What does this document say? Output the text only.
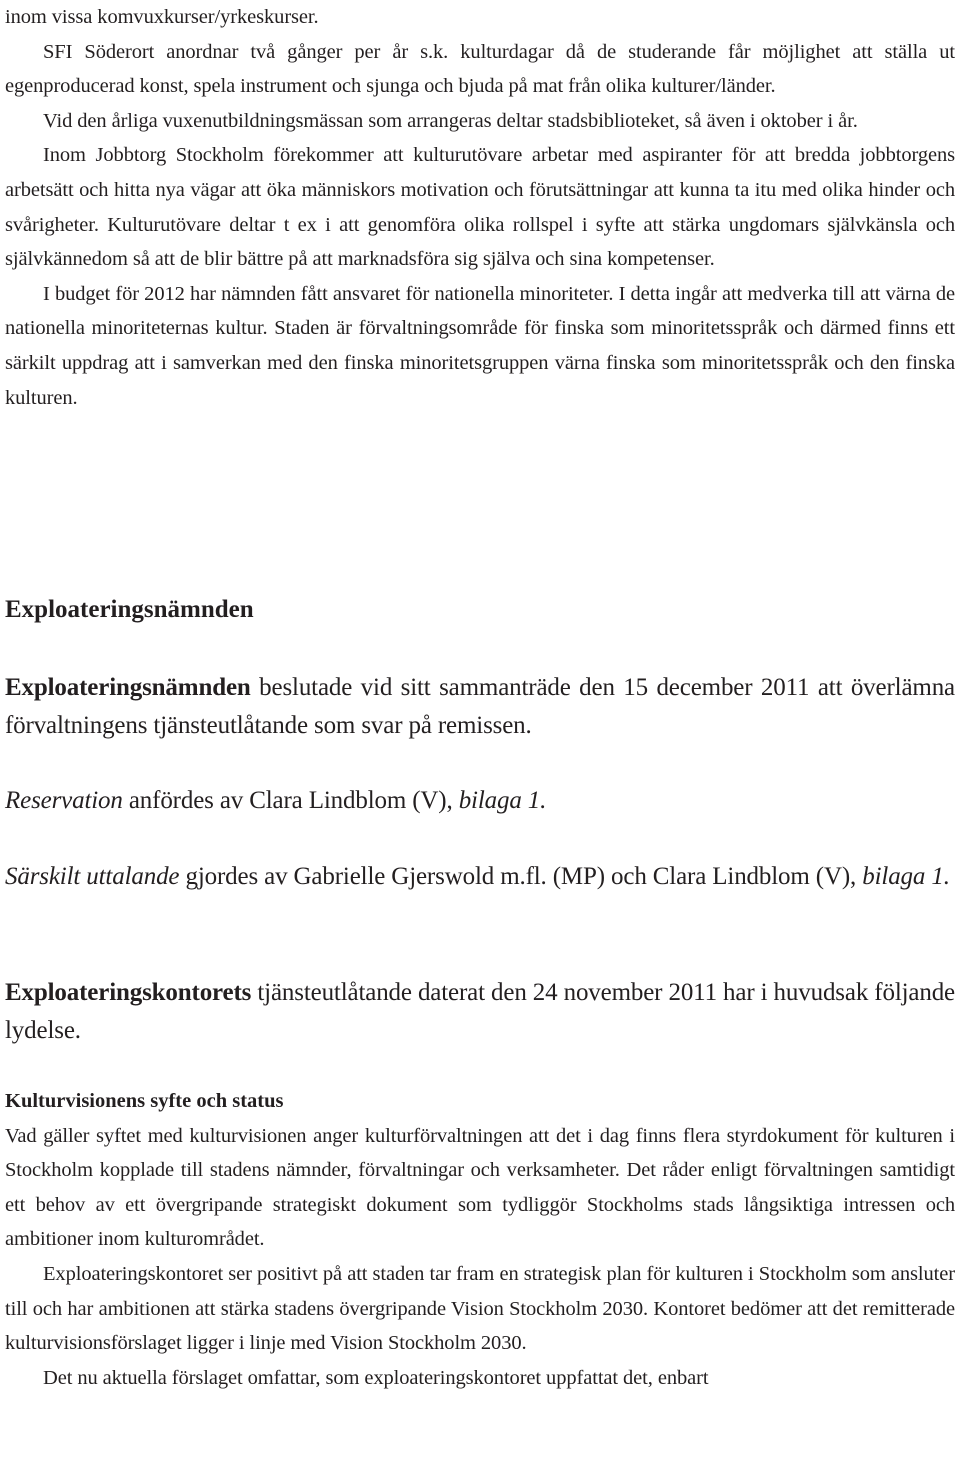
inom vissa komvuxkurser/yrkeskurser.

SFI Söderort anordnar två gånger per år s.k. kulturdagar då de studerande får möjlighet att ställa ut egenproducerad konst, spela instrument och sjunga och bjuda på mat från olika kulturer/länder.

Vid den årliga vuxenutbildningsmässan som arrangeras deltar stadsbiblioteket, så även i oktober i år.

Inom Jobbtorg Stockholm förekommer att kulturutövare arbetar med aspiranter för att bredda jobbtorgens arbetsätt och hitta nya vägar att öka människors motivation och förutsättningar att kunna ta itu med olika hinder och svårigheter. Kulturutövare deltar t ex i att genomföra olika rollspel i syfte att stärka ungdomars självkänsla och självkännedom så att de blir bättre på att marknadsföra sig själva och sina kompetenser.

I budget för 2012 har nämnden fått ansvaret för nationella minoriteter. I detta ingår att medverka till att värna de nationella minoriteternas kultur. Staden är förvaltningsområde för finska som minoritetsspråk och därmed finns ett särkilt uppdrag att i samverkan med den finska minoritetsgruppen värna finska som minoritetsspråk och den finska kulturen.

Exploateringsnämnden

Exploateringsnämnden beslutade vid sitt sammanträde den 15 december 2011 att överlämna förvaltningens tjänsteutlåtande som svar på remissen.

Reservation anfördes av Clara Lindblom (V), bilaga 1.

Särskilt uttalande gjordes av Gabrielle Gjerswold m.fl. (MP) och Clara Lindblom (V), bilaga 1.

Exploateringskontorets tjänsteutlåtande daterat den 24 november 2011 har i huvudsak följande lydelse.

Kulturvisionens syfte och status

Vad gäller syftet med kulturvisionen anger kulturförvaltningen att det i dag finns flera styrdokument för kulturen i Stockholm kopplade till stadens nämnder, förvaltningar och verksamheter. Det råder enligt förvaltningen samtidigt ett behov av ett övergripande strategiskt dokument som tydliggör Stockholms stads långsiktiga intressen och ambitioner inom kulturområdet.

Exploateringskontoret ser positivt på att staden tar fram en strategisk plan för kulturen i Stockholm som ansluter till och har ambitionen att stärka stadens övergripande Vision Stockholm 2030. Kontoret bedömer att det remitterade kulturvisionsförslaget ligger i linje med Vision Stockholm 2030.

Det nu aktuella förslaget omfattar, som exploateringskontoret uppfattat det, enbart
